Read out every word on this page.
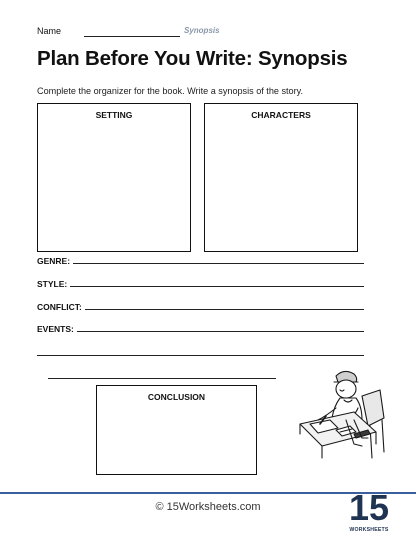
Name	Synopsis
Plan Before You Write: Synopsis
Complete the organizer for the book. Write a synopsis of the story.
SETTING	CHARACTERS
GENRE:
STYLE:
CONFLICT:
EVENTS:
CONCLUSION
© 15Worksheets.com	15
WORKSHEETS
